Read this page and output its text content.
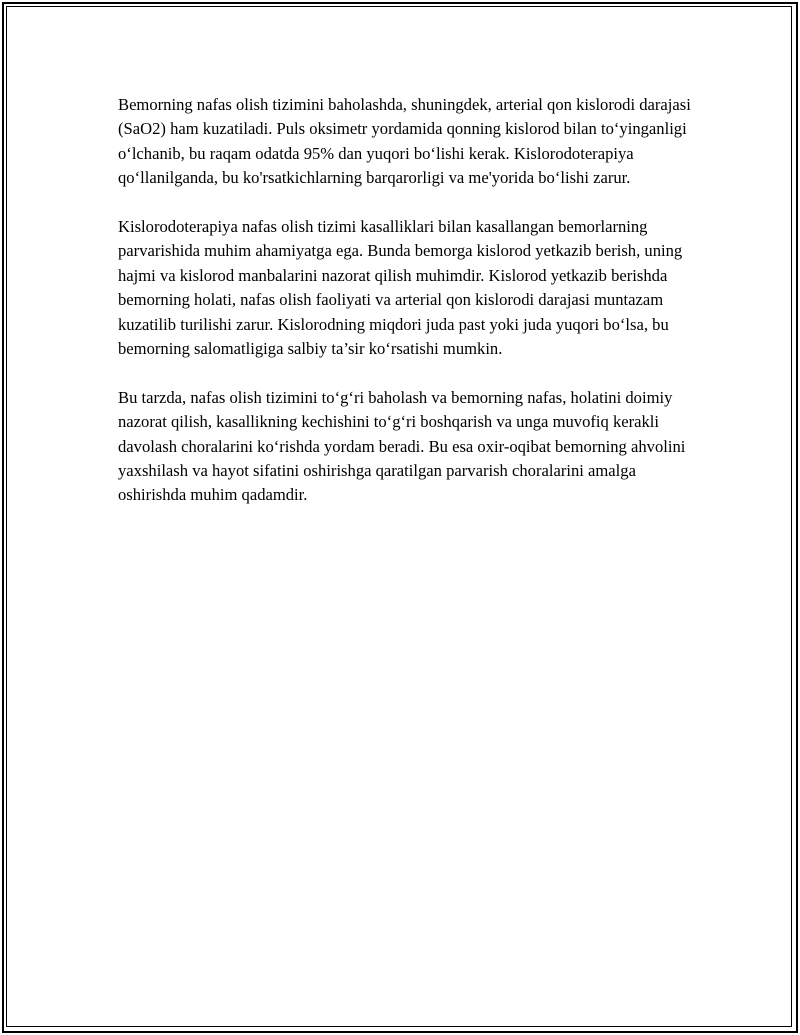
Bemorning nafas olish tizimini baholashda, shuningdek, arterial qon kislorodi darajasi (SaO2) ham kuzatiladi. Puls oksimetr yordamida qonning kislorod bilan to‘yinganligi o‘lchanib, bu raqam odatda 95% dan yuqori bo‘lishi kerak. Kislorodoterapiya qo‘llanilganda, bu ko'rsatkichlarning barqarorligi va me'yorida bo‘lishi zarur.

Kislorodoterapiya nafas olish tizimi kasalliklari bilan kasallangan bemorlarning parvarishida muhim ahamiyatga ega. Bunda bemorga kislorod yetkazib berish, uning hajmi va kislorod manbalarini nazorat qilish muhimdir. Kislorod yetkazib berishda bemorning holati, nafas olish faoliyati va arterial qon kislorodi darajasi muntazam kuzatilib turilishi zarur. Kislorodning miqdori juda past yoki juda yuqori bo‘lsa, bu bemorning salomatligiga salbiy ta’sir ko‘rsatishi mumkin.

Bu tarzda, nafas olish tizimini to‘g‘ri baholash va bemorning nafas, holatini doimiy nazorat qilish, kasallikning kechishini to‘g‘ri boshqarish va unga muvofiq kerakli davolash choralarini ko‘rishda yordam beradi. Bu esa oxir-oqibat bemorning ahvolini yaxshilash va hayot sifatini oshirishga qaratilgan parvarish choralarini amalga oshirishda muhim qadamdir.
